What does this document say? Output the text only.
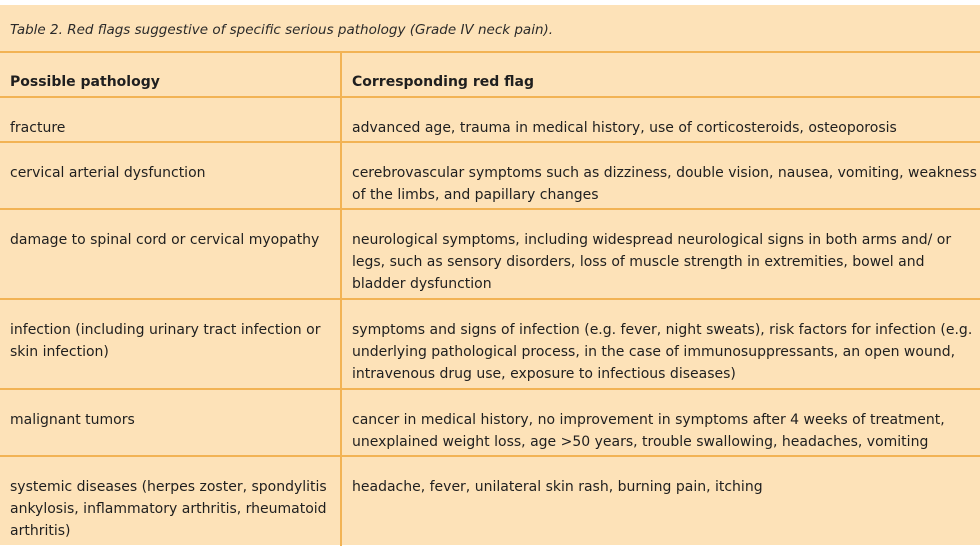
Table 2. Red flags suggestive of specific serious pathology (Grade IV neck pain).
Possible pathology	Corresponding red flag
fracture	advanced age, trauma in medical history, use of corticosteroids, osteoporosis
cervical arterial dysfunction	cerebrovascular symptoms such as dizziness, double vision, nausea, vomiting, weakness of the limbs, and papillary changes
damage to spinal cord or cervical myopathy	neurological symptoms, including widespread neurological signs in both arms and/ or legs, such as sensory disorders, loss of muscle strength in extremities, bowel and bladder dysfunction
infection (including urinary tract infection or skin infection)	symptoms and signs of infection (e.g. fever, night sweats), risk factors for infection (e.g. underlying pathological process, in the case of immunosuppressants, an open wound, intravenous drug use, exposure to infectious diseases)
malignant tumors	cancer in medical history, no improvement in symptoms after 4 weeks of treatment, unexplained weight loss, age >50 years, trouble swallowing, headaches, vomiting
systemic diseases (herpes zoster, spondylitis ankylosis, inflammatory arthritis, rheumatoid arthritis)	headache, fever, unilateral skin rash, burning pain, itching
